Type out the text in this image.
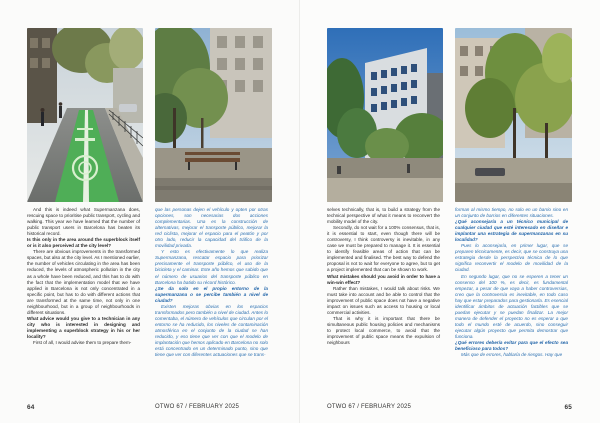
And this is indeed what Supermanzana does, rescuing space to prioritise public transport, cycling and walking. This year we have learned that the number of public transport users in Barcelona has beaten its historical record.

Is this only in the area around the superblock itself or is it also perceived at the city level?

There are obvious improvements in the transformed spaces, but also at the city level. As I mentioned earlier, the number of vehicles circulating in the area has been reduced, the levels of atmospheric pollution in the city as a whole have been reduced, and this has to do with the fact that the implementation model that we have applied in Barcelona is not only concentrated in a specific point, but has to do with different actions that are transformed at the same time, not only in one neighbourhood, but in a group of neighbourhoods in different situations.

What advice would you give to a technician in any city who is interested in designing and implementing a superblock strategy in his or her locality?

First of all, I would advise them to prepare them-

que las personas dejen el vehículo y opten por otras opciones, son necesarias dos acciones complementarias. Una es la construcción de alternativas, mejorar el transporte público, mejorar la red ciclista, mejorar el espacio para el peatón y por otro lado, reducir la capacidad del tráfico de la movilidad privada.

Y esto es efectivamente lo que realiza Supermanzana, rescatar espacio para priorizar precisamente el transporte público, el uso de la bicicleta y el caminar. Este año hemos que sabido que el número de usuarios del transporte público en Barcelona ha batido su récord histórico.

¿Se da solo en el propio entorno de la supermanzana o se percibe también a nivel de ciudad?

Existen mejoras obvias en los espacios transformados pero también a nivel de ciudad. Antes lo comentaba, el número de vehículos que circulan por el entorno se ha reducido, los niveles de contaminación atmosférica en el conjunto de la ciudad se han reducido, y eso tiene que ver con que el modelo de implantación que hemos aplicado en Barcelona no solo está concentrado en un determinado punto, sino que tiene que ver con diferentes actuaciones que se trans-

64	OTWO 67 / FEBRUARY 2025

selves technically, that is, to build a strategy from the technical perspective of what it means to reconvert the mobility model of the city.

Secondly, do not wait for a 100% consensus, that is, it is essential to start, even though there will be controversy, I think controversy is inevitable, in any case we must be prepared to manage it. It is essential to identify feasible areas of action that can be implemented and finalised. The best way to defend the proposal is not to wait for everyone to agree, but to get a project implemented that can be shown to work.

What mistakes should you avoid in order to have a win-win effect?

Rather than mistakes, I would talk about risks. We must take into account and be able to control that the improvement of public space does not have a negative impact on issues such as access to housing or local commercial activities.

That is why it is important that there be simultaneous public housing policies and mechanisms to protect local commerce, to avoid that the improvement of public space means the expulsion of neighbours

forman al mismo tiempo, no solo en un barrio sino en un conjunto de barrios en diferentes situaciones.

¿Qué aconsejaría a un técnico municipal de cualquier ciudad que esté interesado en diseñar e implantar una estrategia de supermanzanas en su localidad?

Pues lo aconsejaría, en primer lugar, que se preparen técnicamente, es decir, que se construya una estrategia desde la perspectiva técnica de lo que significa reconvertir el modelo de movilidad de la ciudad.

En segundo lugar, que no se esperen a tener un consenso del 100 %, es decir, es fundamental empezar, a pesar de que vaya a haber controversias, creo que la controversia es inevitable, en todo caso hay que estar preparados para gestionarla. Es esencial identificar ámbitos de actuación factibles que se puedan ejecutar y se puedan finalizar. La mejor manera de defender el proyecto no es esperar a que todo el mundo esté de acuerdo, sino conseguir ejecutar algún proyecto que permita demostrar que funciona.

¿Qué errores debería evitar para que el efecto sea beneficioso para todos?

Más que de errores, hablaría de riesgos. Hay que

OTWO 67 / FEBRUARY 2025	65
